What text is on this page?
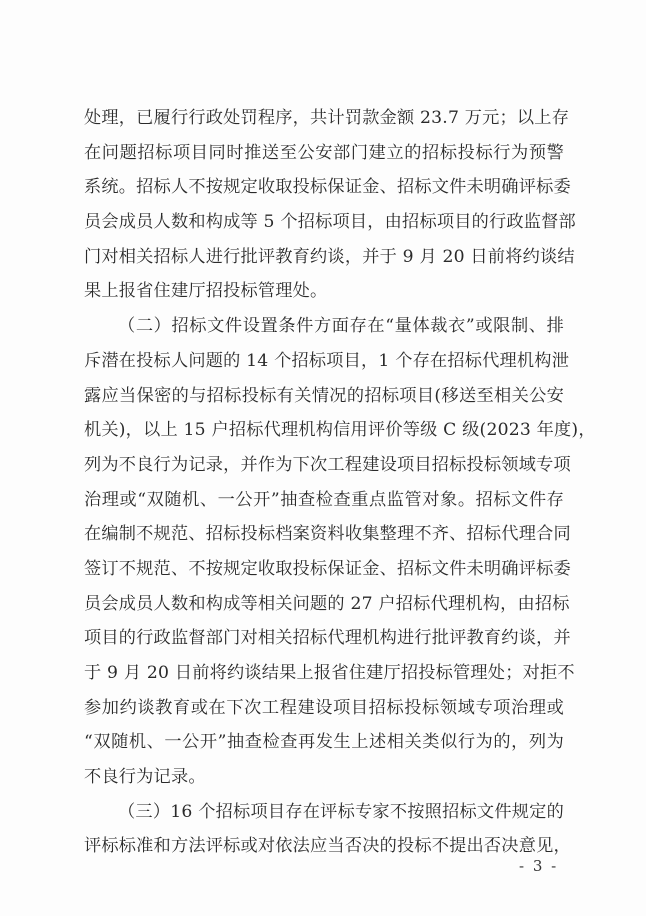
处理，已履行行政处罚程序，共计罚款金额 23.7 万元；以上存
在问题招标项目同时推送至公安部门建立的招标投标行为预警
系统。招标人不按规定收取投标保证金、招标文件未明确评标委
员会成员人数和构成等 5 个招标项目，由招标项目的行政监督部
门对相关招标人进行批评教育约谈，并于 9 月 20 日前将约谈结
果上报省住建厅招投标管理处。
（二）招标文件设置条件方面存在“量体裁衣”或限制、排
斥潜在投标人问题的 14 个招标项目，1 个存在招标代理机构泄
露应当保密的与招标投标有关情况的招标项目(移送至相关公安
机关)，以上 15 户招标代理机构信用评价等级 C 级(2023 年度)，
列为不良行为记录，并作为下次工程建设项目招标投标领域专项
治理或“双随机、一公开”抽查检查重点监管对象。招标文件存
在编制不规范、招标投标档案资料收集整理不齐、招标代理合同
签订不规范、不按规定收取投标保证金、招标文件未明确评标委
员会成员人数和构成等相关问题的 27 户招标代理机构，由招标
项目的行政监督部门对相关招标代理机构进行批评教育约谈，并
于 9 月 20 日前将约谈结果上报省住建厅招投标管理处；对拒不
参加约谈教育或在下次工程建设项目招标投标领域专项治理或
“双随机、一公开”抽查检查再发生上述相关类似行为的，列为
不良行为记录。
（三）16 个招标项目存在评标专家不按照招标文件规定的
评标标准和方法评标或对依法应当否决的投标不提出否决意见，
- 3 -
